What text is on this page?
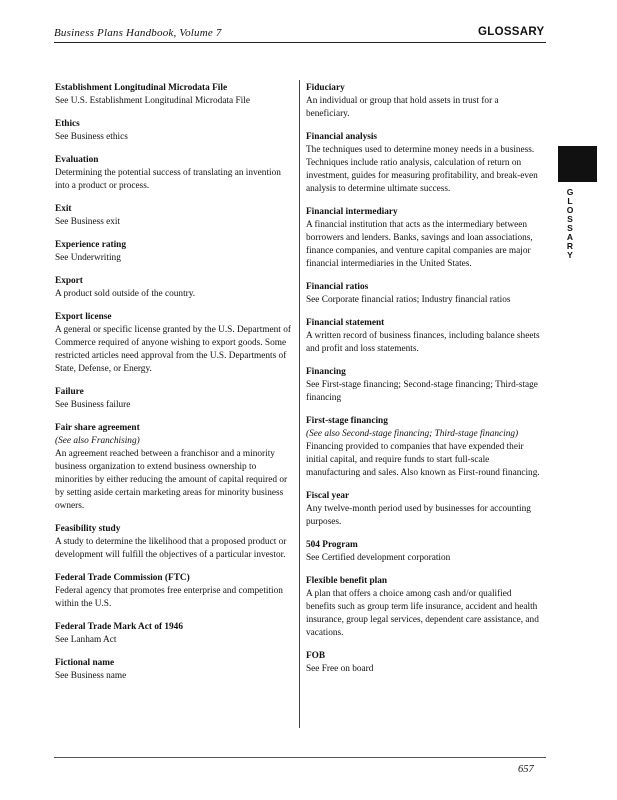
Business Plans Handbook, Volume 7	GLOSSARY
Establishment Longitudinal Microdata File
See U.S. Establishment Longitudinal Microdata File
Ethics
See Business ethics
Evaluation
Determining the potential success of translating an invention into a product or process.
Exit
See Business exit
Experience rating
See Underwriting
Export
A product sold outside of the country.
Export license
A general or specific license granted by the U.S. Department of Commerce required of anyone wishing to export goods. Some restricted articles need approval from the U.S. Departments of State, Defense, or Energy.
Failure
See Business failure
Fair share agreement
(See also Franchising)
An agreement reached between a franchisor and a minority business organization to extend business ownership to minorities by either reducing the amount of capital required or by setting aside certain marketing areas for minority business owners.
Feasibility study
A study to determine the likelihood that a proposed product or development will fulfill the objectives of a particular investor.
Federal Trade Commission (FTC)
Federal agency that promotes free enterprise and competition within the U.S.
Federal Trade Mark Act of 1946
See Lanham Act
Fictional name
See Business name
Fiduciary
An individual or group that hold assets in trust for a beneficiary.
Financial analysis
The techniques used to determine money needs in a business. Techniques include ratio analysis, calculation of return on investment, guides for measuring profitability, and break-even analysis to determine ultimate success.
Financial intermediary
A financial institution that acts as the intermediary between borrowers and lenders. Banks, savings and loan associations, finance companies, and venture capital companies are major financial intermediaries in the United States.
Financial ratios
See Corporate financial ratios; Industry financial ratios
Financial statement
A written record of business finances, including balance sheets and profit and loss statements.
Financing
See First-stage financing; Second-stage financing; Third-stage financing
First-stage financing
(See also Second-stage financing; Third-stage financing)
Financing provided to companies that have expended their initial capital, and require funds to start full-scale manufacturing and sales. Also known as First-round financing.
Fiscal year
Any twelve-month period used by businesses for accounting purposes.
504 Program
See Certified development corporation
Flexible benefit plan
A plan that offers a choice among cash and/or qualified benefits such as group term life insurance, accident and health insurance, group legal services, dependent care assistance, and vacations.
FOB
See Free on board
GLOSSARY
657
